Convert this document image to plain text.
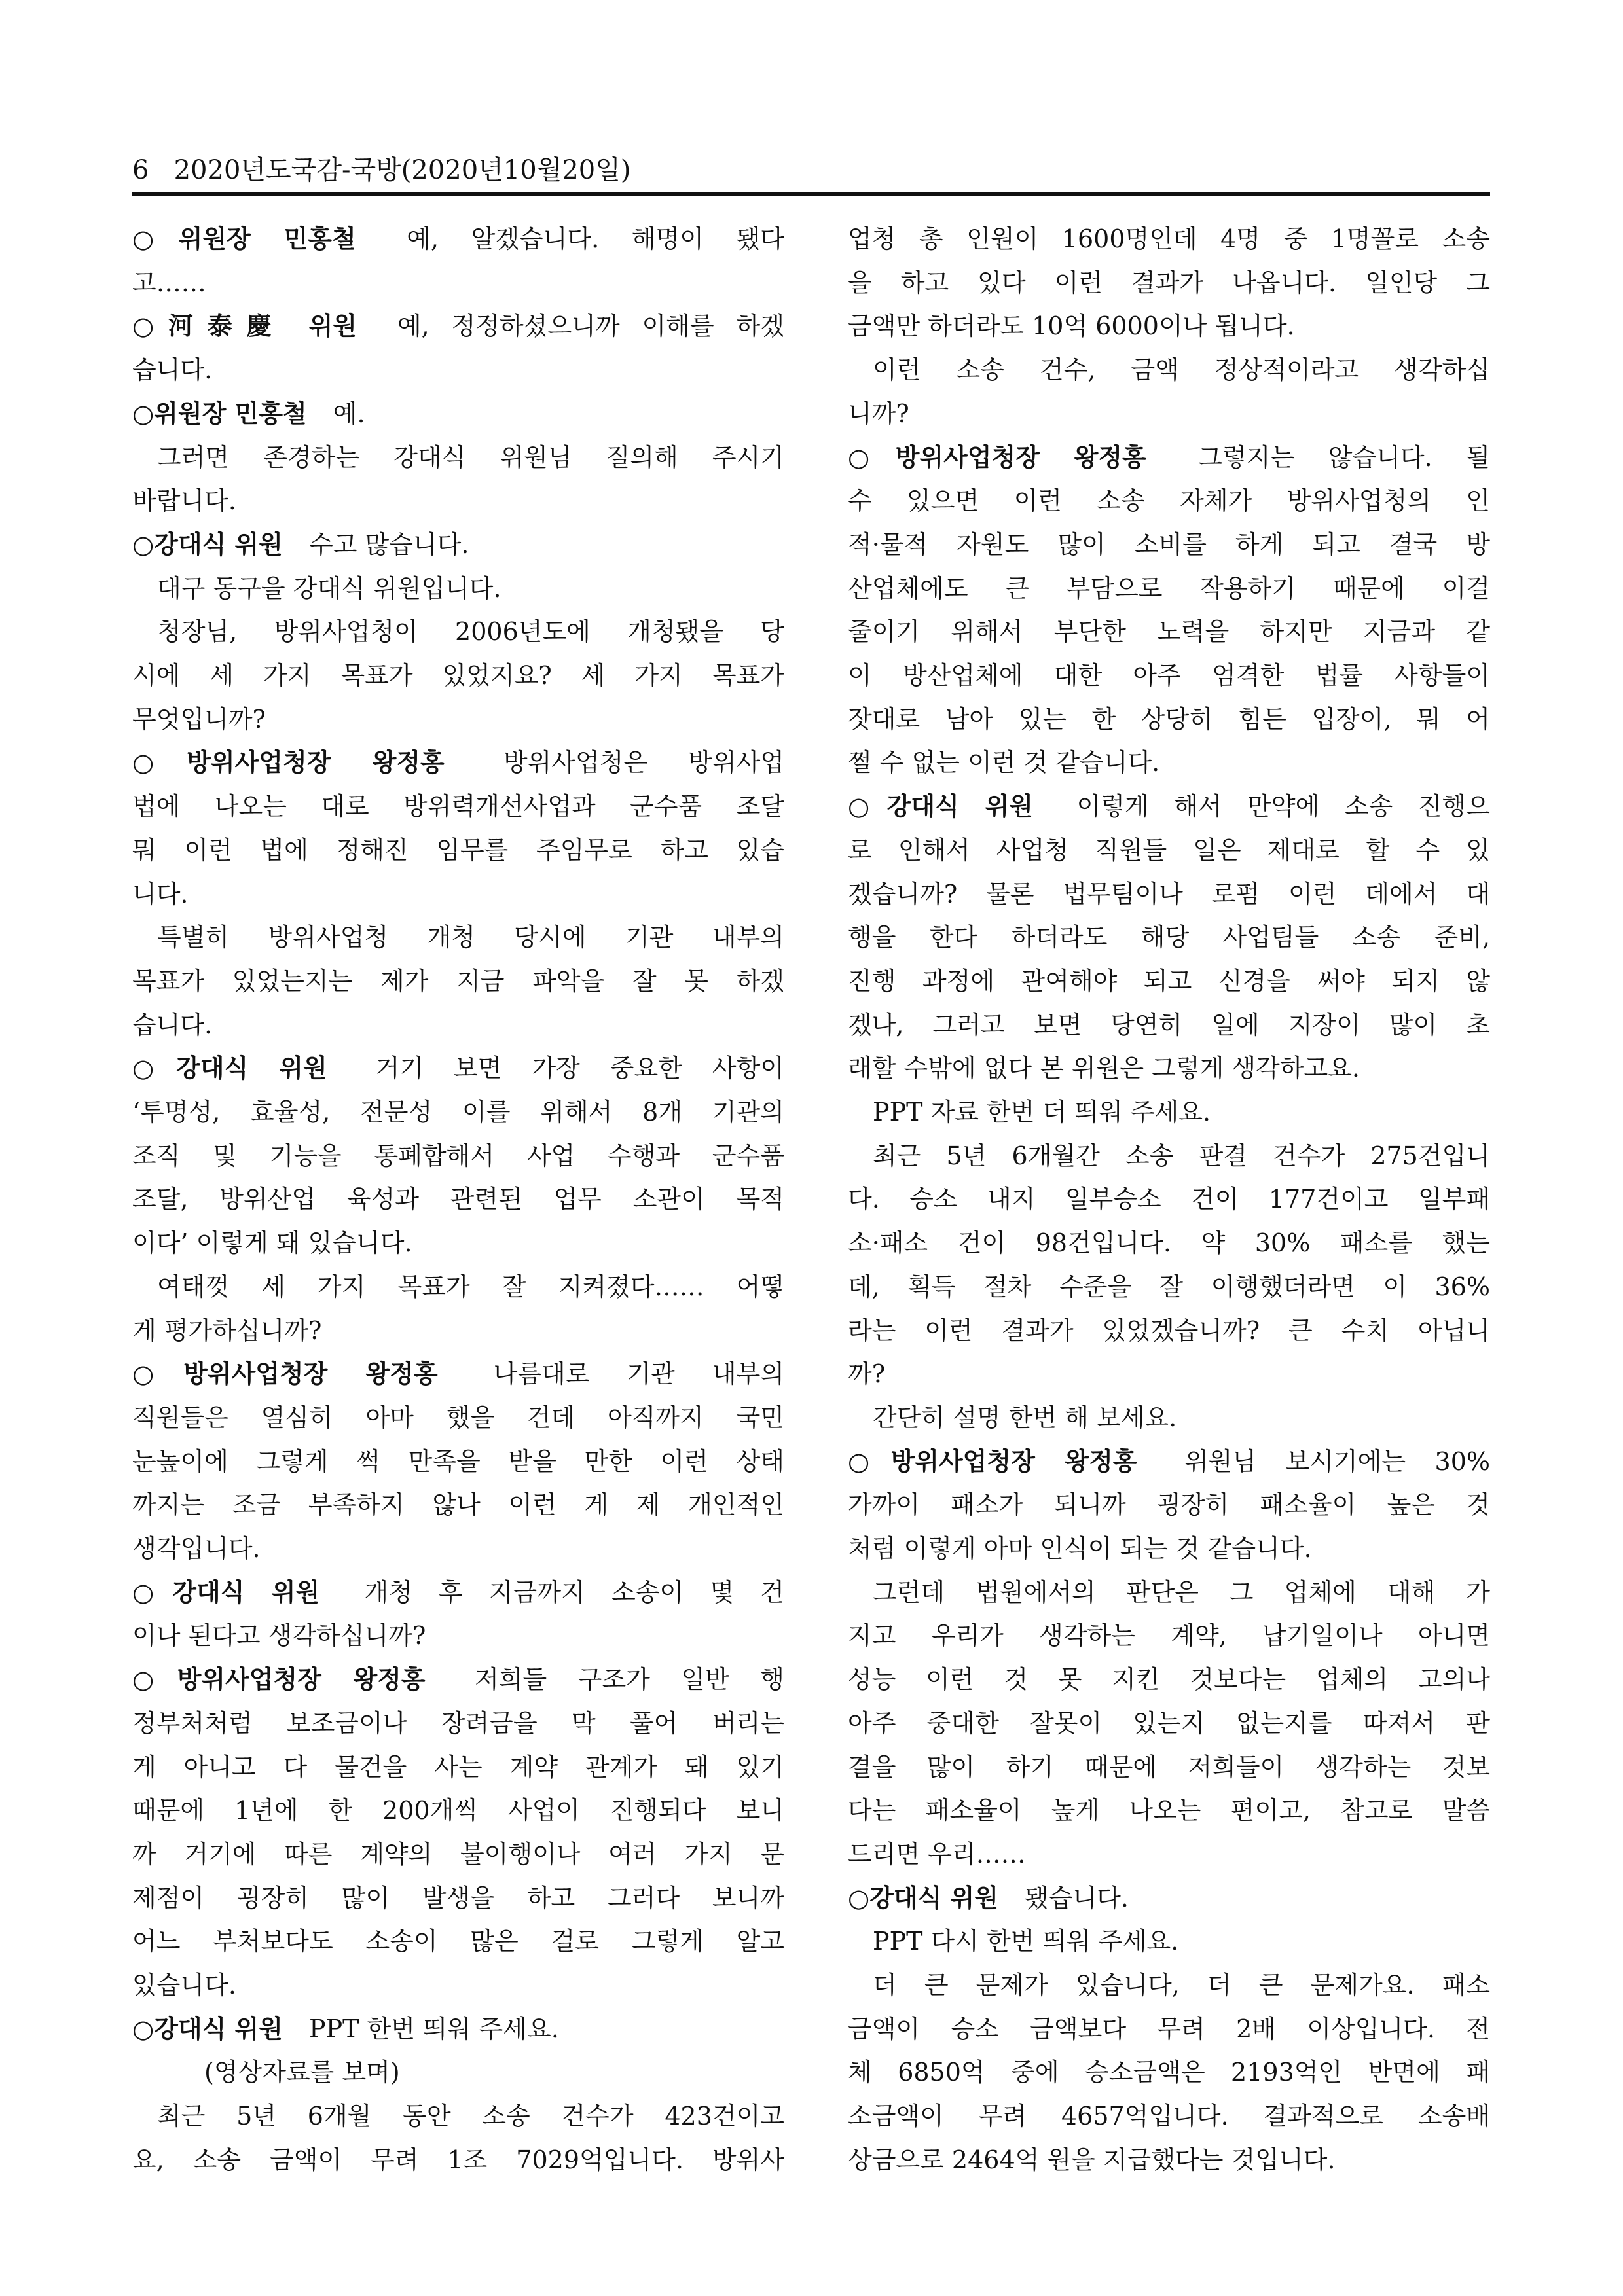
6 2020년도국감-국방(2020년10월20일)
○위원장 민홍철 예, 알겠습니다. 해명이 됐다
고……
○河泰慶 위원 예, 정정하셨으니까 이해를 하겠
습니다.
○위원장 민홍철 예.
그러면 존경하는 강대식 위원님 질의해 주시기
바랍니다.
○강대식 위원 수고 많습니다.
대구 동구을 강대식 위원입니다.
청장님, 방위사업청이 2006년도에 개청됐을 당
시에 세 가지 목표가 있었지요? 세 가지 목표가
무엇입니까?
○방위사업청장 왕정홍 방위사업청은 방위사업
법에 나오는 대로 방위력개선사업과 군수품 조달
뭐 이런 법에 정해진 임무를 주임무로 하고 있습
니다.
특별히 방위사업청 개청 당시에 기관 내부의
목표가 있었는지는 제가 지금 파악을 잘 못 하겠
습니다.
○강대식 위원 거기 보면 가장 중요한 사항이
‘투명성, 효율성, 전문성 이를 위해서 8개 기관의
조직 및 기능을 통폐합해서 사업 수행과 군수품
조달, 방위산업 육성과 관련된 업무 소관이 목적
이다’ 이렇게 돼 있습니다.
여태껏 세 가지 목표가 잘 지켜졌다…… 어떻
게 평가하십니까?
○방위사업청장 왕정홍 나름대로 기관 내부의
직원들은 열심히 아마 했을 건데 아직까지 국민
눈높이에 그렇게 썩 만족을 받을 만한 이런 상태
까지는 조금 부족하지 않나 이런 게 제 개인적인
생각입니다.
○강대식 위원 개청 후 지금까지 소송이 몇 건
이나 된다고 생각하십니까?
○방위사업청장 왕정홍 저희들 구조가 일반 행
정부처처럼 보조금이나 장려금을 막 풀어 버리는
게 아니고 다 물건을 사는 계약 관계가 돼 있기
때문에 1년에 한 200개씩 사업이 진행되다 보니
까 거기에 따른 계약의 불이행이나 여러 가지 문
제점이 굉장히 많이 발생을 하고 그러다 보니까
어느 부처보다도 소송이 많은 걸로 그렇게 알고
있습니다.
○강대식 위원 PPT 한번 띄워 주세요.
(영상자료를 보며)
최근 5년 6개월 동안 소송 건수가 423건이고
요, 소송 금액이 무려 1조 7029억입니다. 방위사
업청 총 인원이 1600명인데 4명 중 1명꼴로 소송
을 하고 있다 이런 결과가 나옵니다. 일인당 그
금액만 하더라도 10억 6000이나 됩니다.
이런 소송 건수, 금액 정상적이라고 생각하십
니까?
○방위사업청장 왕정홍 그렇지는 않습니다. 될
수 있으면 이런 소송 자체가 방위사업청의 인
적·물적 자원도 많이 소비를 하게 되고 결국 방
산업체에도 큰 부담으로 작용하기 때문에 이걸
줄이기 위해서 부단한 노력을 하지만 지금과 같
이 방산업체에 대한 아주 엄격한 법률 사항들이
잣대로 남아 있는 한 상당히 힘든 입장이, 뭐 어
쩔 수 없는 이런 것 같습니다.
○강대식 위원 이렇게 해서 만약에 소송 진행으
로 인해서 사업청 직원들 일은 제대로 할 수 있
겠습니까? 물론 법무팀이나 로펌 이런 데에서 대
행을 한다 하더라도 해당 사업팀들 소송 준비,
진행 과정에 관여해야 되고 신경을 써야 되지 않
겠나, 그러고 보면 당연히 일에 지장이 많이 초
래할 수밖에 없다 본 위원은 그렇게 생각하고요.
PPT 자료 한번 더 띄워 주세요.
최근 5년 6개월간 소송 판결 건수가 275건입니
다. 승소 내지 일부승소 건이 177건이고 일부패
소·패소 건이 98건입니다. 약 30% 패소를 했는
데, 획득 절차 수준을 잘 이행했더라면 이 36%
라는 이런 결과가 있었겠습니까? 큰 수치 아닙니
까?
간단히 설명 한번 해 보세요.
○방위사업청장 왕정홍 위원님 보시기에는 30%
가까이 패소가 되니까 굉장히 패소율이 높은 것
처럼 이렇게 아마 인식이 되는 것 같습니다.
그런데 법원에서의 판단은 그 업체에 대해 가
지고 우리가 생각하는 계약, 납기일이나 아니면
성능 이런 것 못 지킨 것보다는 업체의 고의나
아주 중대한 잘못이 있는지 없는지를 따져서 판
결을 많이 하기 때문에 저희들이 생각하는 것보
다는 패소율이 높게 나오는 편이고, 참고로 말씀
드리면 우리……
○강대식 위원 됐습니다.
PPT 다시 한번 띄워 주세요.
더 큰 문제가 있습니다, 더 큰 문제가요. 패소
금액이 승소 금액보다 무려 2배 이상입니다. 전
체 6850억 중에 승소금액은 2193억인 반면에 패
소금액이 무려 4657억입니다. 결과적으로 소송배
상금으로 2464억 원을 지급했다는 것입니다.
